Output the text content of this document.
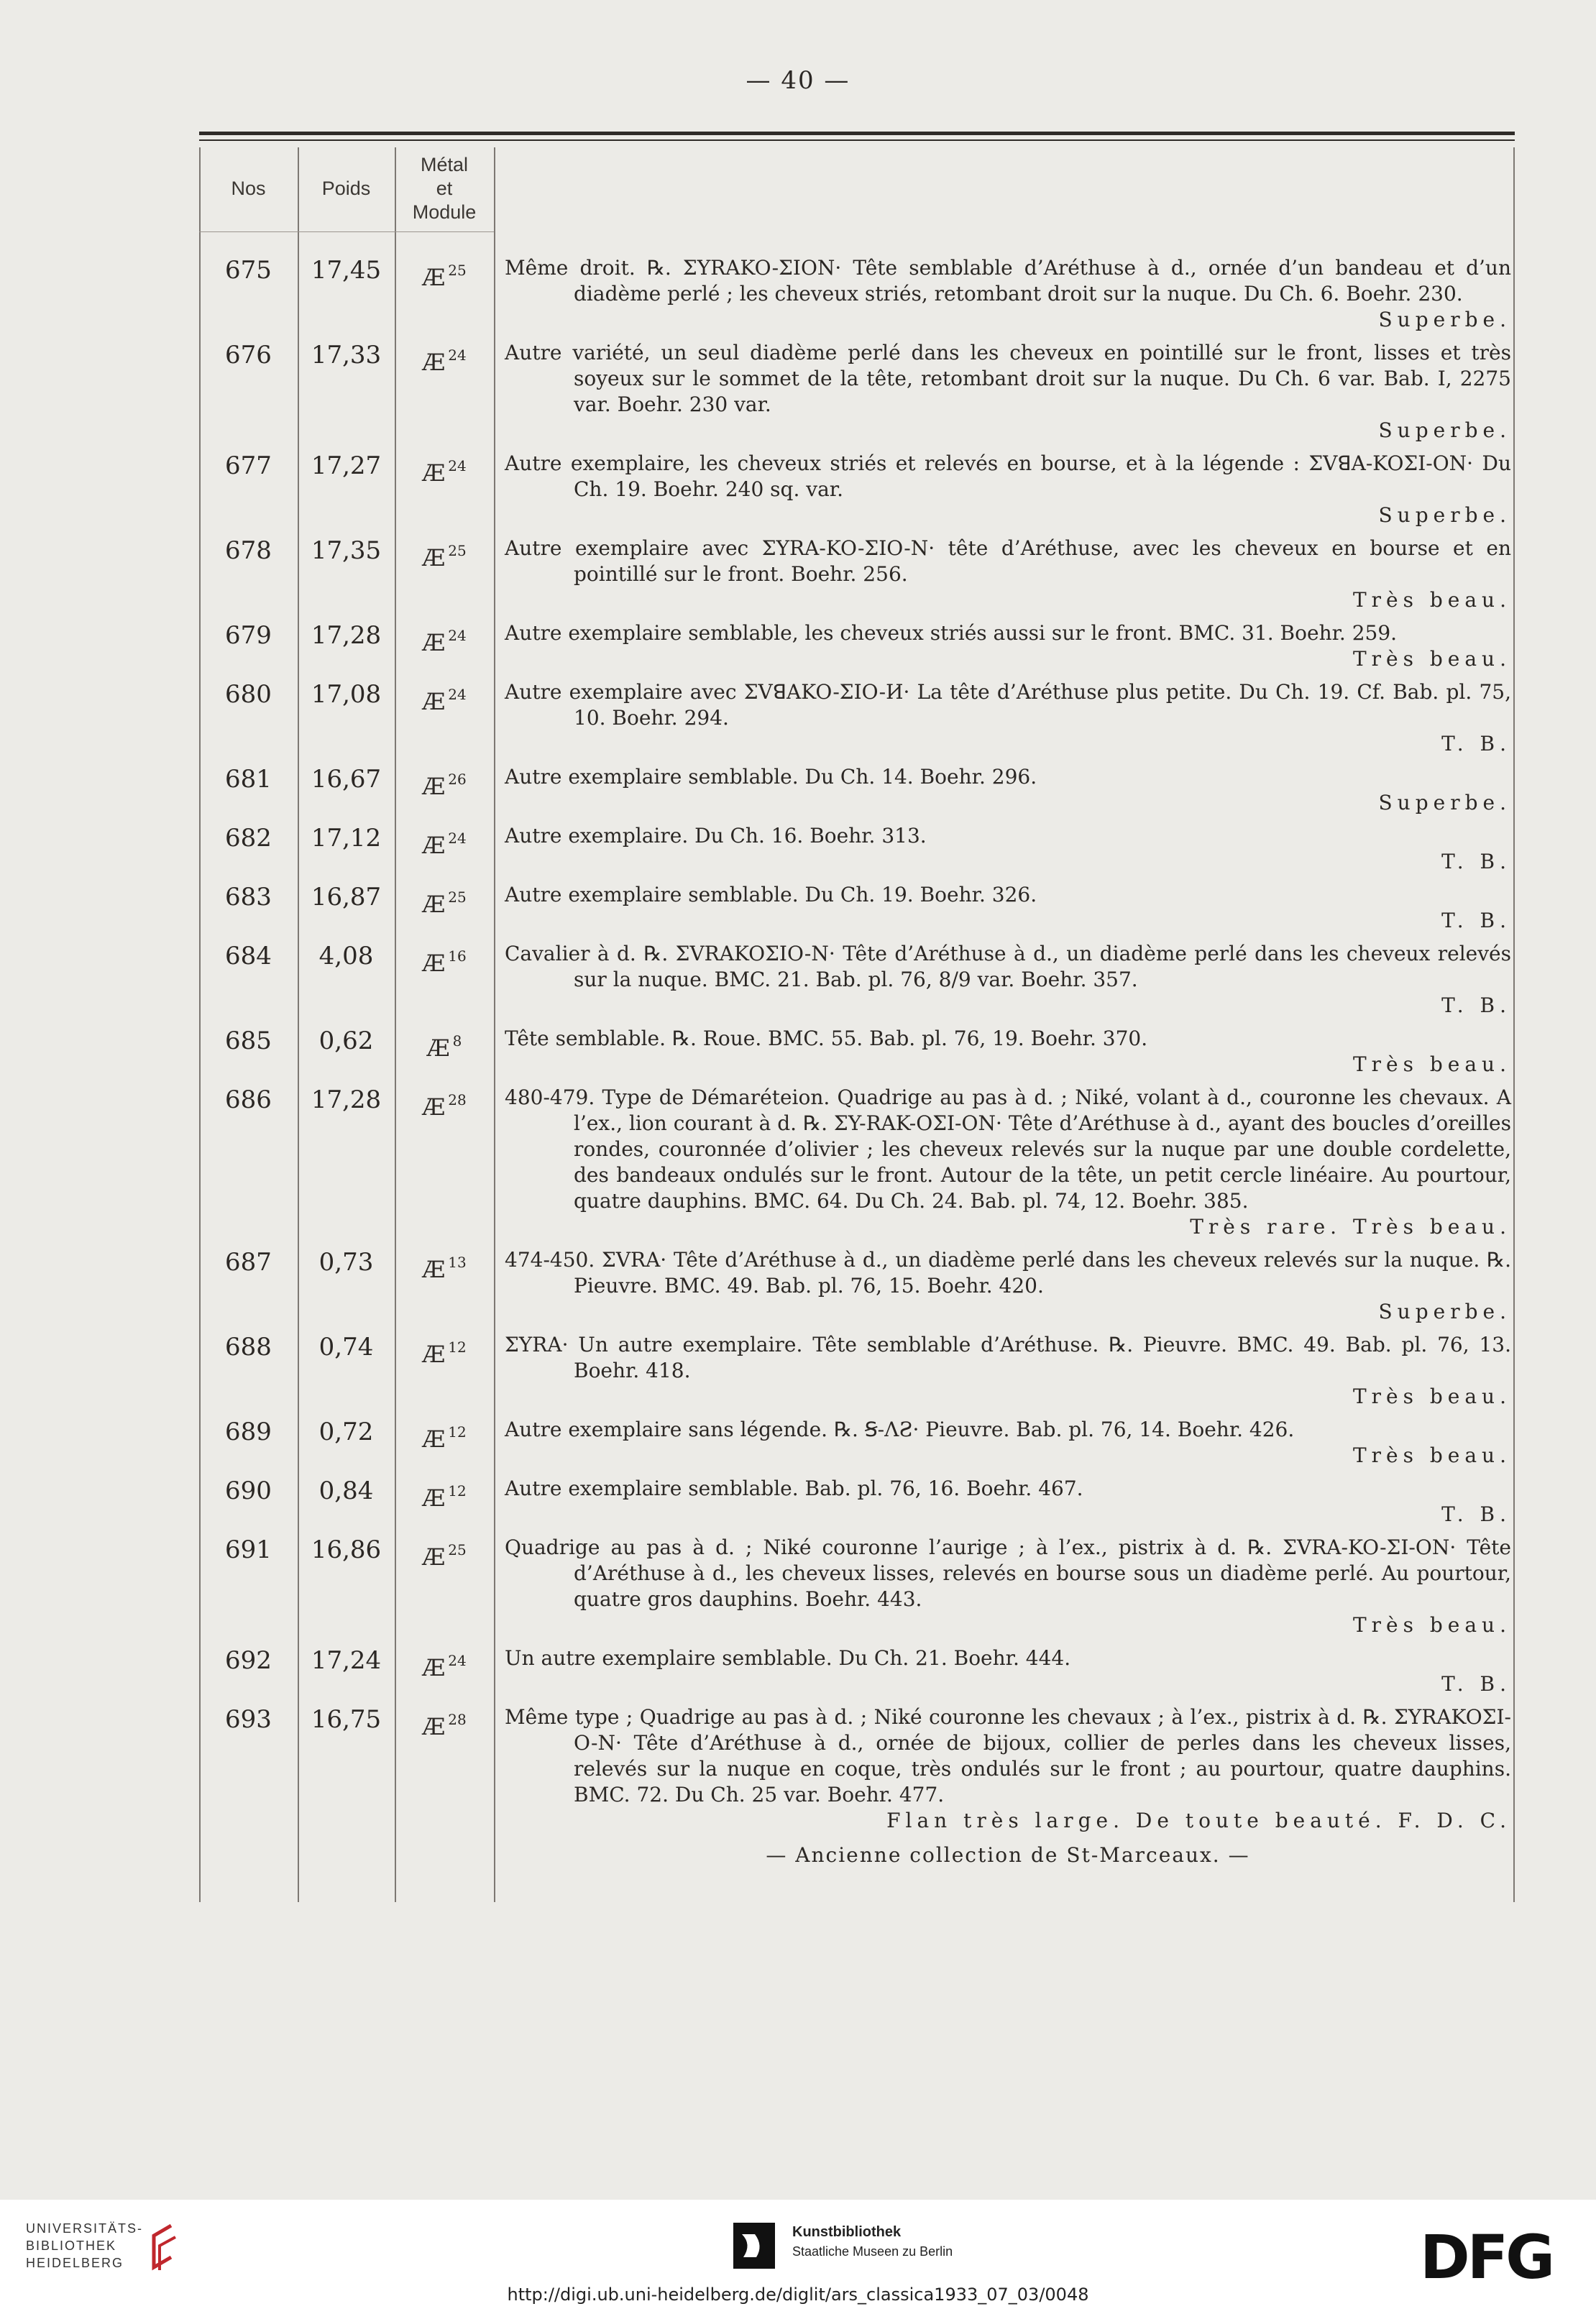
— 40 —
Nos	Poids
Métal
et
Module
675	17,45	Æ $^{25}$	Même droit. ℞. ΣYRAKO-ΣION· Tête semblable d’Aréthuse à d., ornée d’un bandeau et d’un diadème perlé ; les cheveux striés, retombant droit sur la nuque. Du Ch. 6. Boehr. 230.
Superbe.
676	17,33	Æ $^{24}$	Autre variété, un seul diadème perlé dans les cheveux en pointillé sur le front, lisses et très soyeux sur le sommet de la tête, retombant droit sur la nuque. Du Ch. 6 var. Bab. I, 2275 var. Boehr. 230 var.
Superbe.
677	17,27	Æ $^{24}$	Autre exemplaire, les cheveux striés et relevés en bourse, et à la légende : ΣVꓭA-KOΣI-ON· Du Ch. 19. Boehr. 240 sq. var.
Superbe.
678	17,35	Æ $^{25}$	Autre exemplaire avec ΣYRA-KO-ΣIO-N· tête d’Aréthuse, avec les cheveux en bourse et en pointillé sur le front. Boehr. 256.
Très beau.
679	17,28	Æ $^{24}$	Autre exemplaire semblable, les cheveux striés aussi sur le front. BMC. 31. Boehr. 259.
Très beau.
680	17,08	Æ $^{24}$	Autre exemplaire avec ΣVꓭAKO-ΣIO-И· La tête d’Aréthuse plus petite. Du Ch. 19. Cf. Bab. pl. 75, 10. Boehr. 294.
T. B.
681	16,67	Æ $^{26}$	Autre exemplaire semblable. Du Ch. 14. Boehr. 296.
Superbe.
682	17,12	Æ $^{24}$	Autre exemplaire. Du Ch. 16. Boehr. 313.
T. B.
683	16,87	Æ $^{25}$	Autre exemplaire semblable. Du Ch. 19. Boehr. 326.
T. B.
684	4,08	Æ $^{16}$	Cavalier à d. ℞. ΣVRAKOΣIO-N· Tête d’Aréthuse à d., un diadème perlé dans les cheveux relevés sur la nuque. BMC. 21. Bab. pl. 76, 8/9 var. Boehr. 357.
T. B.
685	0,62	Æ $^8$	Tête semblable. ℞. Roue. BMC. 55. Bab. pl. 76, 19. Boehr. 370.
Très beau.
686	17,28	Æ $^{28}$	480-479. Type de Démaréteion. Quadrige au pas à d. ; Niké, volant à d., couronne les chevaux. A l’ex., lion courant à d. ℞. ΣY-RAK-OΣI-ON· Tête d’Aréthuse à d., ayant des boucles d’oreilles rondes, couronnée d’olivier ; les cheveux relevés sur la nuque par une double cordelette, des bandeaux ondulés sur le front. Autour de la tête, un petit cercle linéaire. Au pourtour, quatre dauphins. BMC. 64. Du Ch. 24. Bab. pl. 74, 12. Boehr. 385.
Très rare. Très beau.
687	0,73	Æ $^{13}$	474-450. ΣVRA· Tête d’Aréthuse à d., un diadème perlé dans les cheveux relevés sur la nuque. ℞. Pieuvre. BMC. 49. Bab. pl. 76, 15. Boehr. 420.
Superbe.
688	0,74	Æ $^{12}$	ΣYRA· Un autre exemplaire. Tête semblable d’Aréthuse. ℞. Pieuvre. BMC. 49. Bab. pl. 76, 13. Boehr. 418.
Très beau.
689	0,72	Æ $^{12}$	Autre exemplaire sans légende. ℞. Ꞩ-ΛƧ· Pieuvre. Bab. pl. 76, 14. Boehr. 426.
Très beau.
690	0,84	Æ $^{12}$	Autre exemplaire semblable. Bab. pl. 76, 16. Boehr. 467.
T. B.
691	16,86	Æ $^{25}$	Quadrige au pas à d. ; Niké couronne l’aurige ; à l’ex., pistrix à d. ℞. ΣVRA-KO-ΣI-ON· Tête d’Aréthuse à d., les cheveux lisses, relevés en bourse sous un diadème perlé. Au pourtour, quatre gros dauphins. Boehr. 443.
Très beau.
692	17,24	Æ $^{24}$	Un autre exemplaire semblable. Du Ch. 21. Boehr. 444.
T. B.
693	16,75	Æ $^{28}$	Même type ; Quadrige au pas à d. ; Niké couronne les chevaux ; à l’ex., pistrix à d. ℞. ΣYRAKOΣI-O-N· Tête d’Aréthuse à d., ornée de bijoux, collier de perles dans les cheveux lisses, relevés sur la nuque en coque, très ondulés sur le front ; au pourtour, quatre dauphins. BMC. 72. Du Ch. 25 var. Boehr. 477.
Flan très large. De toute beauté. F. D. C.
— Ancienne collection de St-Marceaux. —
UNIVERSITÄTS-
BIBLIOTHEK
HEIDELBERG
Kunstbibliothek
Staatliche Museen zu Berlin	DFG
http://digi.ub.uni-heidelberg.de/diglit/ars_classica1933_07_03/0048
